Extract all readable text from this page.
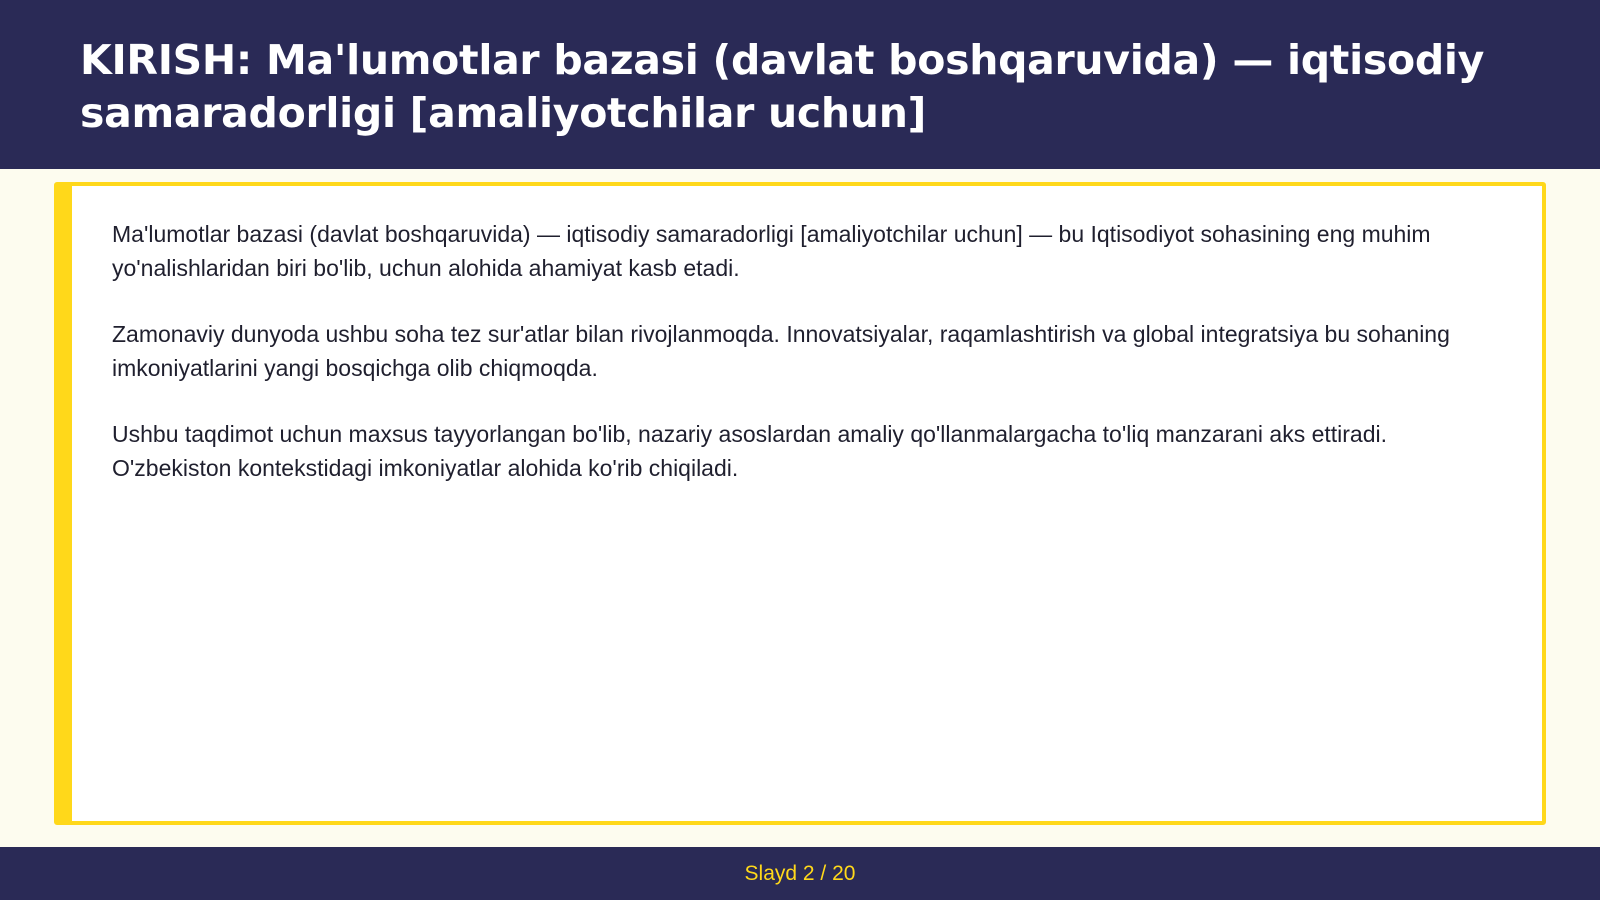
KIRISH: Ma'lumotlar bazasi (davlat boshqaruvida) — iqtisodiy samaradorligi [amaliyotchilar uchun]

Ma'lumotlar bazasi (davlat boshqaruvida) — iqtisodiy samaradorligi [amaliyotchilar uchun] — bu Iqtisodiyot sohasining eng muhim yo'nalishlaridan biri bo'lib, uchun alohida ahamiyat kasb etadi.

Zamonaviy dunyoda ushbu soha tez sur'atlar bilan rivojlanmoqda. Innovatsiyalar, raqamlashtirish va global integratsiya bu sohaning imkoniyatlarini yangi bosqichga olib chiqmoqda.

Ushbu taqdimot uchun maxsus tayyorlangan bo'lib, nazariy asoslardan amaliy qo'llanmalargacha to'liq manzarani aks ettiradi. O'zbekiston kontekstidagi imkoniyatlar alohida ko'rib chiqiladi.

Slayd 2 / 20
